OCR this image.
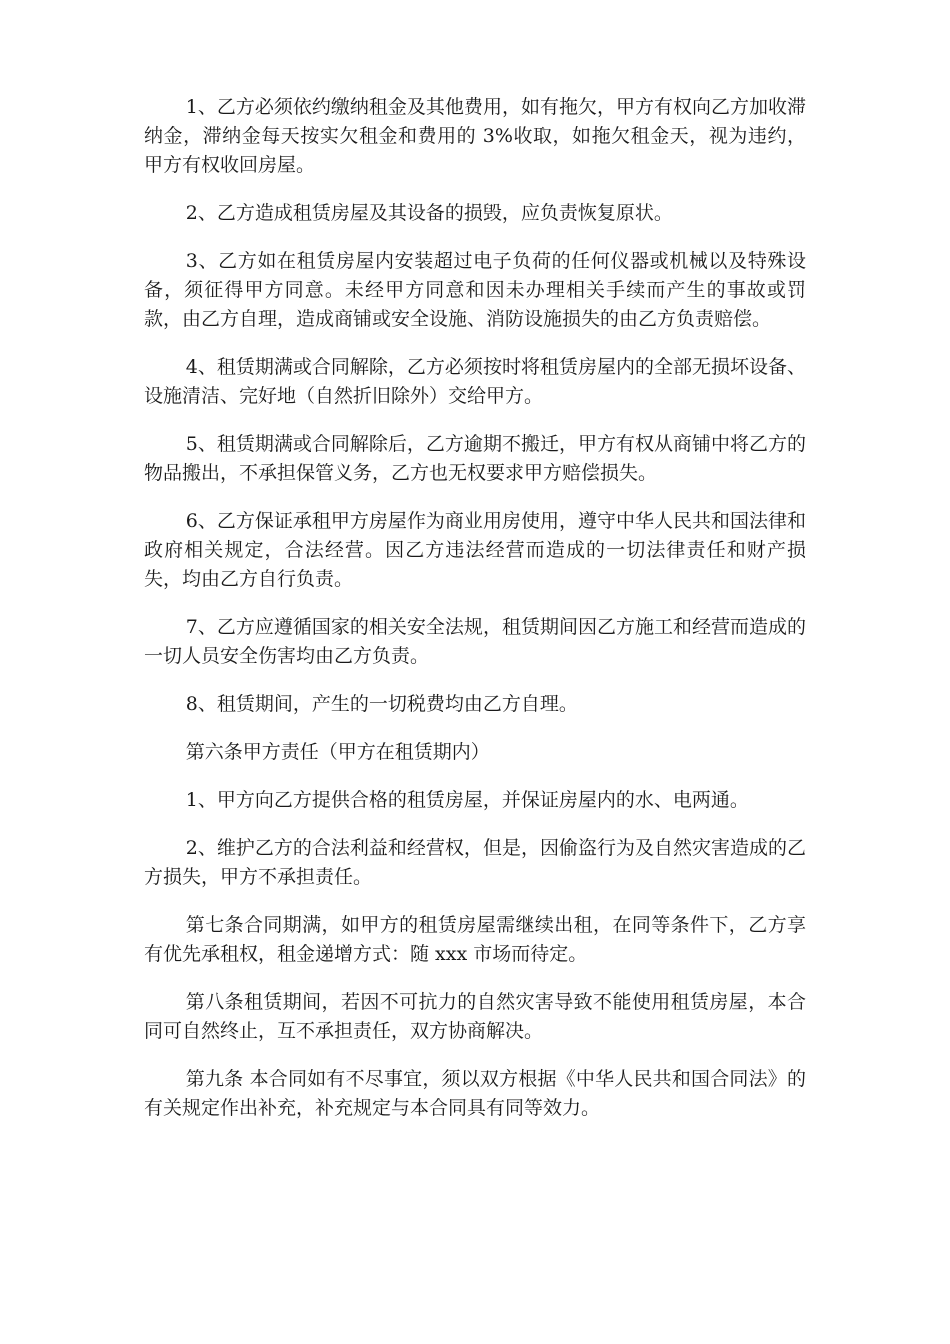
1、乙方必须依约缴纳租金及其他费用，如有拖欠，甲方有权向乙方加收滞纳金，滞纳金每天按实欠租金和费用的 3%收取，如拖欠租金天，视为违约，甲方有权收回房屋。

2、乙方造成租赁房屋及其设备的损毁，应负责恢复原状。

3、乙方如在租赁房屋内安装超过电子负荷的任何仪器或机械以及特殊设备，须征得甲方同意。未经甲方同意和因未办理相关手续而产生的事故或罚款，由乙方自理，造成商铺或安全设施、消防设施损失的由乙方负责赔偿。

4、租赁期满或合同解除，乙方必须按时将租赁房屋内的全部无损坏设备、设施清洁、完好地（自然折旧除外）交给甲方。

5、租赁期满或合同解除后，乙方逾期不搬迁，甲方有权从商铺中将乙方的物品搬出，不承担保管义务，乙方也无权要求甲方赔偿损失。

6、乙方保证承租甲方房屋作为商业用房使用，遵守中华人民共和国法律和政府相关规定，合法经营。因乙方违法经营而造成的一切法律责任和财产损失，均由乙方自行负责。

7、乙方应遵循国家的相关安全法规，租赁期间因乙方施工和经营而造成的一切人员安全伤害均由乙方负责。

8、租赁期间，产生的一切税费均由乙方自理。

第六条甲方责任（甲方在租赁期内）

1、甲方向乙方提供合格的租赁房屋，并保证房屋内的水、电两通。

2、维护乙方的合法利益和经营权，但是，因偷盗行为及自然灾害造成的乙方损失，甲方不承担责任。

第七条合同期满，如甲方的租赁房屋需继续出租，在同等条件下，乙方享有优先承租权，租金递增方式：随 xxx 市场而待定。

第八条租赁期间，若因不可抗力的自然灾害导致不能使用租赁房屋，本合同可自然终止，互不承担责任，双方协商解决。

第九条 本合同如有不尽事宜，须以双方根据《中华人民共和国合同法》的有关规定作出补充，补充规定与本合同具有同等效力。
